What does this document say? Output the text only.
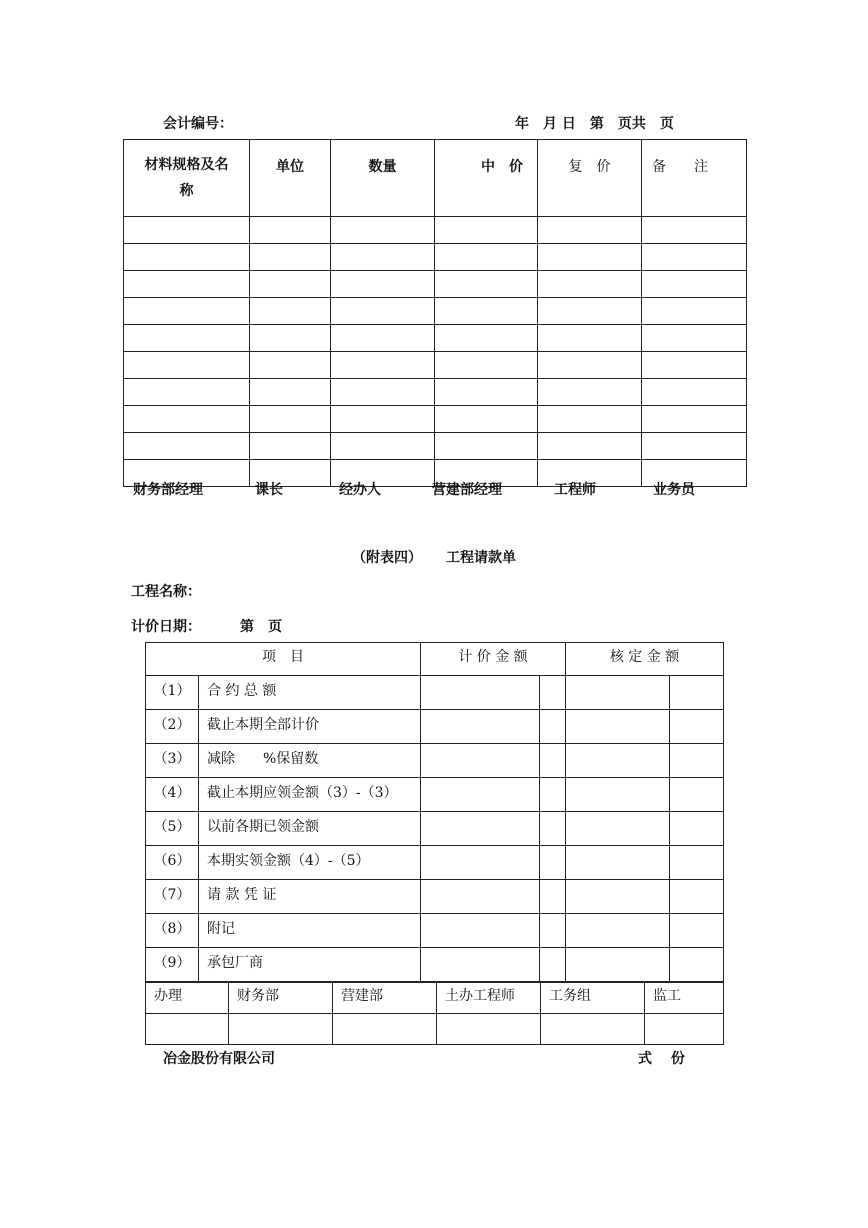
会计编号：	年　月 日　第　页共　页
材料规格及名称	单位	数量	中　价	复　价	备　　注

财务部经理	课长	经办人	营建部经理	工程师	业务员
（附表四） 工程请款单
工程名称：
计价日期：	第　页
项　目		计 价 金 额		核 定 金 额	
（1）	合 约 总 额				
（2）	截止本期全部计价				
（3）	减除　　%保留数				
（4）	截止本期应领金额（3）-（3）				
（5）	以前各期已领金额				
（6）	本期实领金额（4）-（5）				
（7）	请 款 凭 证				
（8）	附记				
（9）	承包厂商				
办理	财务部	营建部	土办工程师	工务组	监工

冶金股份有限公司	式　 份
